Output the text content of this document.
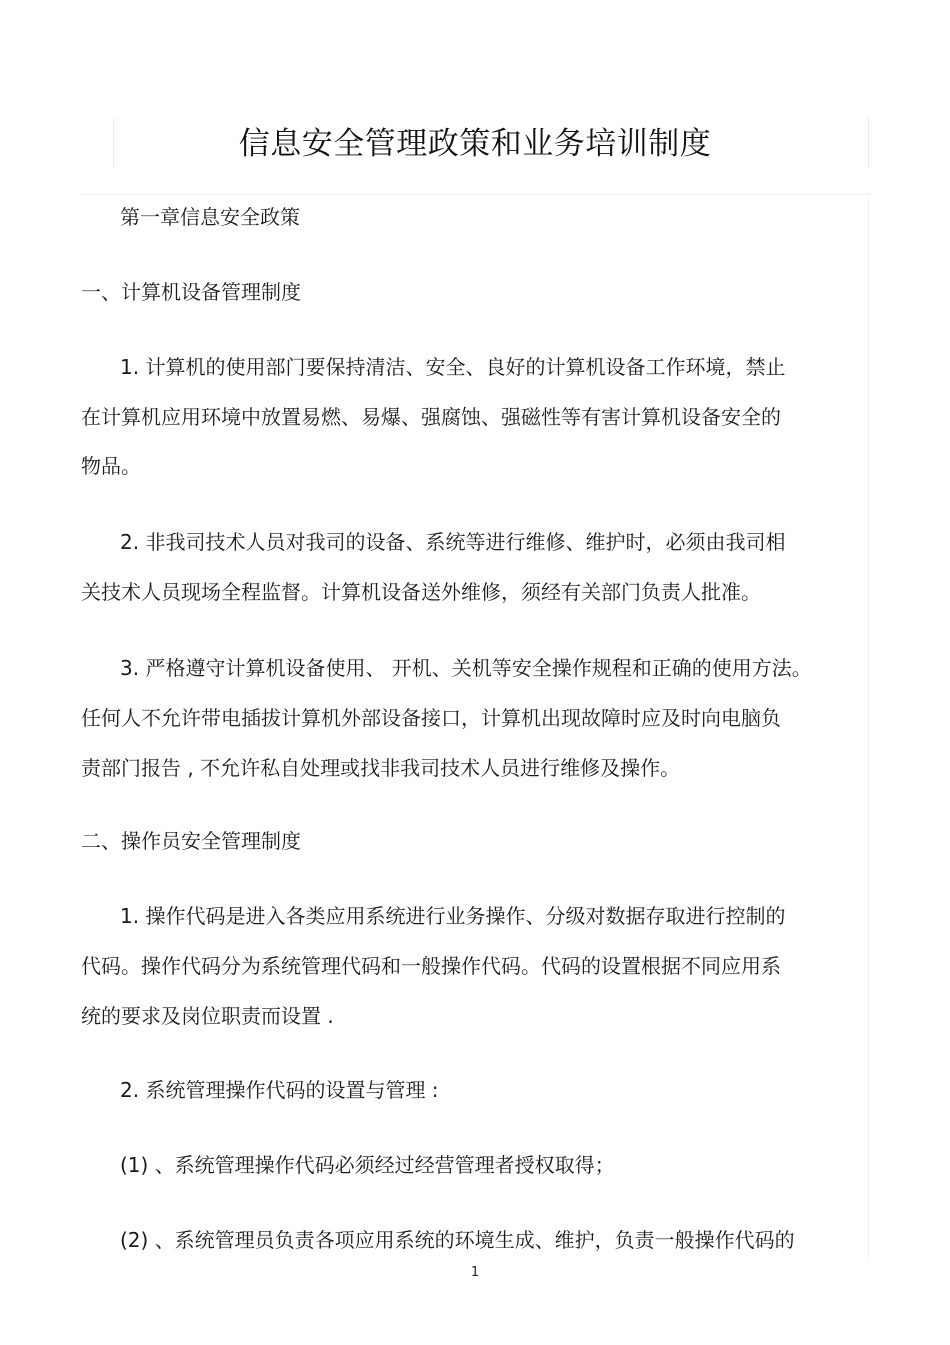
信息安全管理政策和业务培训制度
第一章信息安全政策
一、计算机设备管理制度
1. 计算机的使用部门要保持清洁、安全、良好的计算机设备工作环境，禁止
在计算机应用环境中放置易燃、易爆、强腐蚀、强磁性等有害计算机设备安全的
物品。
2. 非我司技术人员对我司的设备、系统等进行维修、维护时，必须由我司相
关技术人员现场全程监督。计算机设备送外维修，须经有关部门负责人批准。
3. 严格遵守计算机设备使用、 开机、关机等安全操作规程和正确的使用方法。
任何人不允许带电插拔计算机外部设备接口，计算机出现故障时应及时向电脑负
责部门报告 , 不允许私自处理或找非我司技术人员进行维修及操作。
二、操作员安全管理制度
1. 操作代码是进入各类应用系统进行业务操作、分级对数据存取进行控制的
代码。操作代码分为系统管理代码和一般操作代码。代码的设置根据不同应用系
统的要求及岗位职责而设置 .
2. 系统管理操作代码的设置与管理 :
(1) 、系统管理操作代码必须经过经营管理者授权取得；
(2) 、系统管理员负责各项应用系统的环境生成、维护，负责一般操作代码的
1
